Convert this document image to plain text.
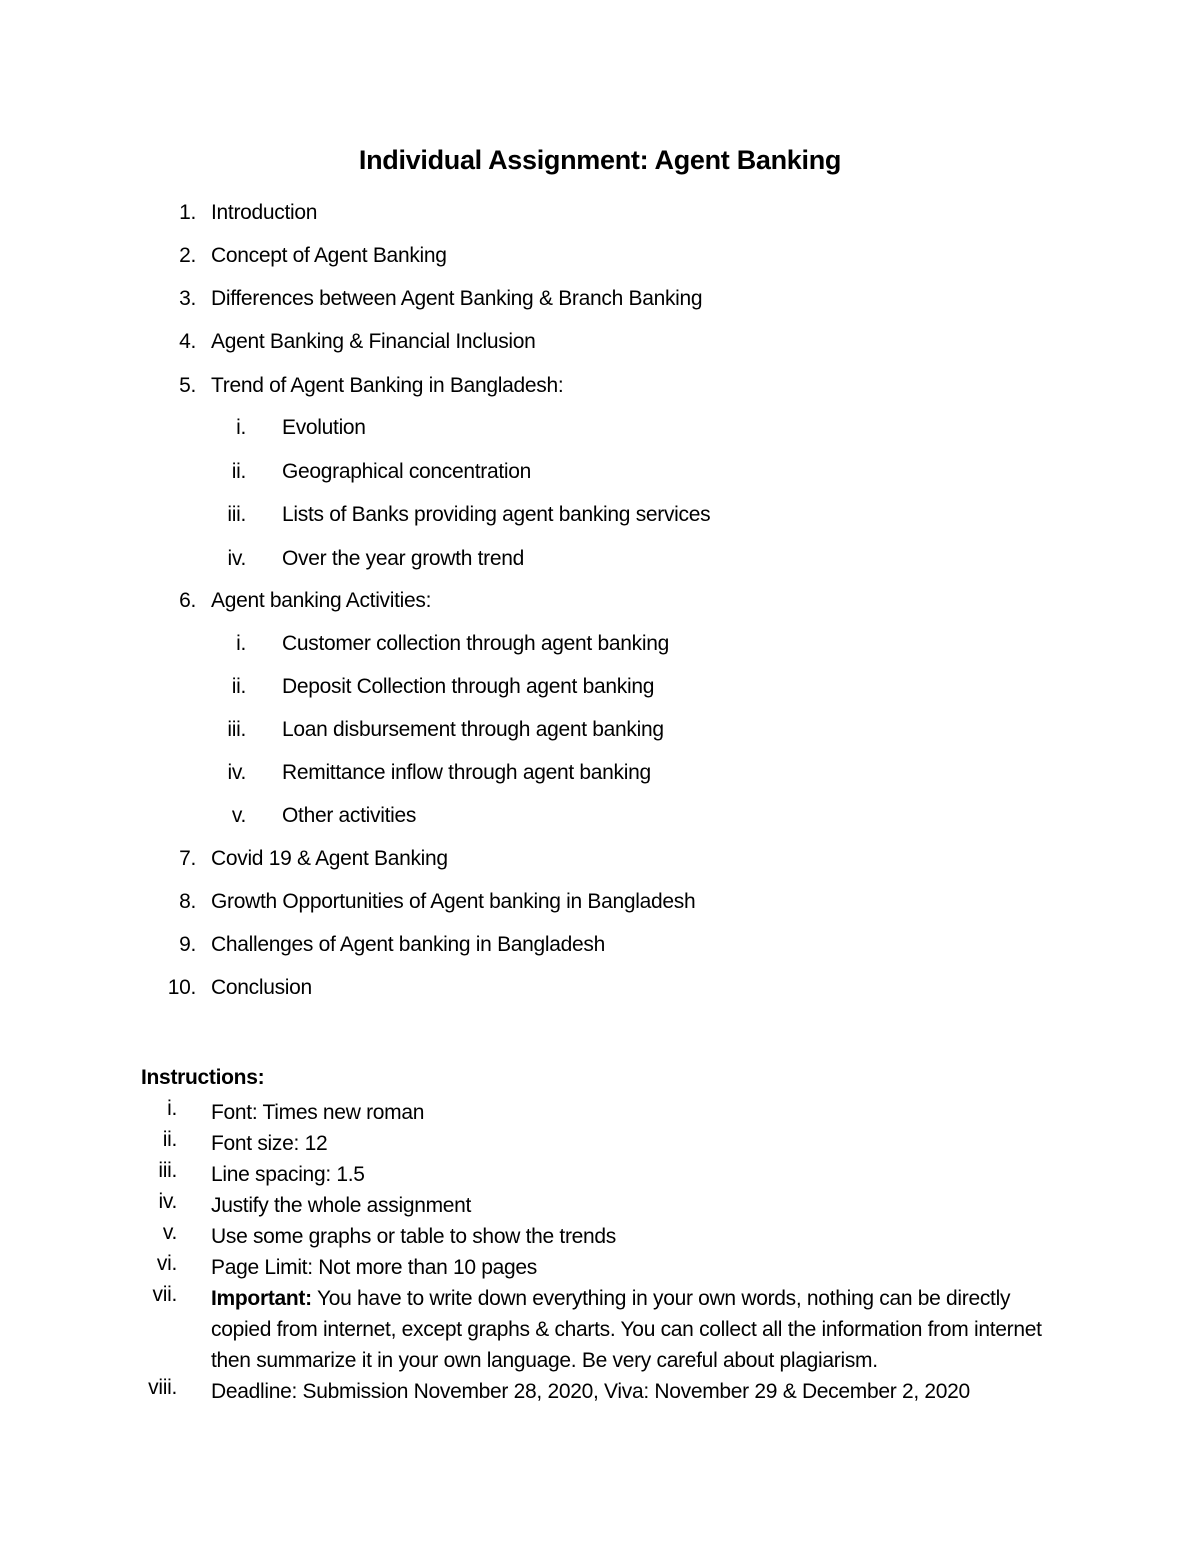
Individual Assignment: Agent Banking
1. Introduction
2. Concept of Agent Banking
3. Differences between Agent Banking & Branch Banking
4. Agent Banking & Financial Inclusion
5. Trend of Agent Banking in Bangladesh:
i. Evolution
ii. Geographical concentration
iii. Lists of Banks providing agent banking services
iv. Over the year growth trend
6. Agent banking Activities:
i. Customer collection through agent banking
ii. Deposit Collection through agent banking
iii. Loan disbursement through agent banking
iv. Remittance inflow through agent banking
v. Other activities
7. Covid 19 & Agent Banking
8. Growth Opportunities of Agent banking in Bangladesh
9. Challenges of Agent banking in Bangladesh
10. Conclusion
Instructions:
i. Font: Times new roman
ii. Font size: 12
iii. Line spacing: 1.5
iv. Justify the whole assignment
v. Use some graphs or table to show the trends
vi. Page Limit: Not more than 10 pages
vii. Important: You have to write down everything in your own words, nothing can be directly copied from internet, except graphs & charts. You can collect all the information from internet then summarize it in your own language. Be very careful about plagiarism.
viii. Deadline: Submission November 28, 2020, Viva: November 29 & December 2, 2020
